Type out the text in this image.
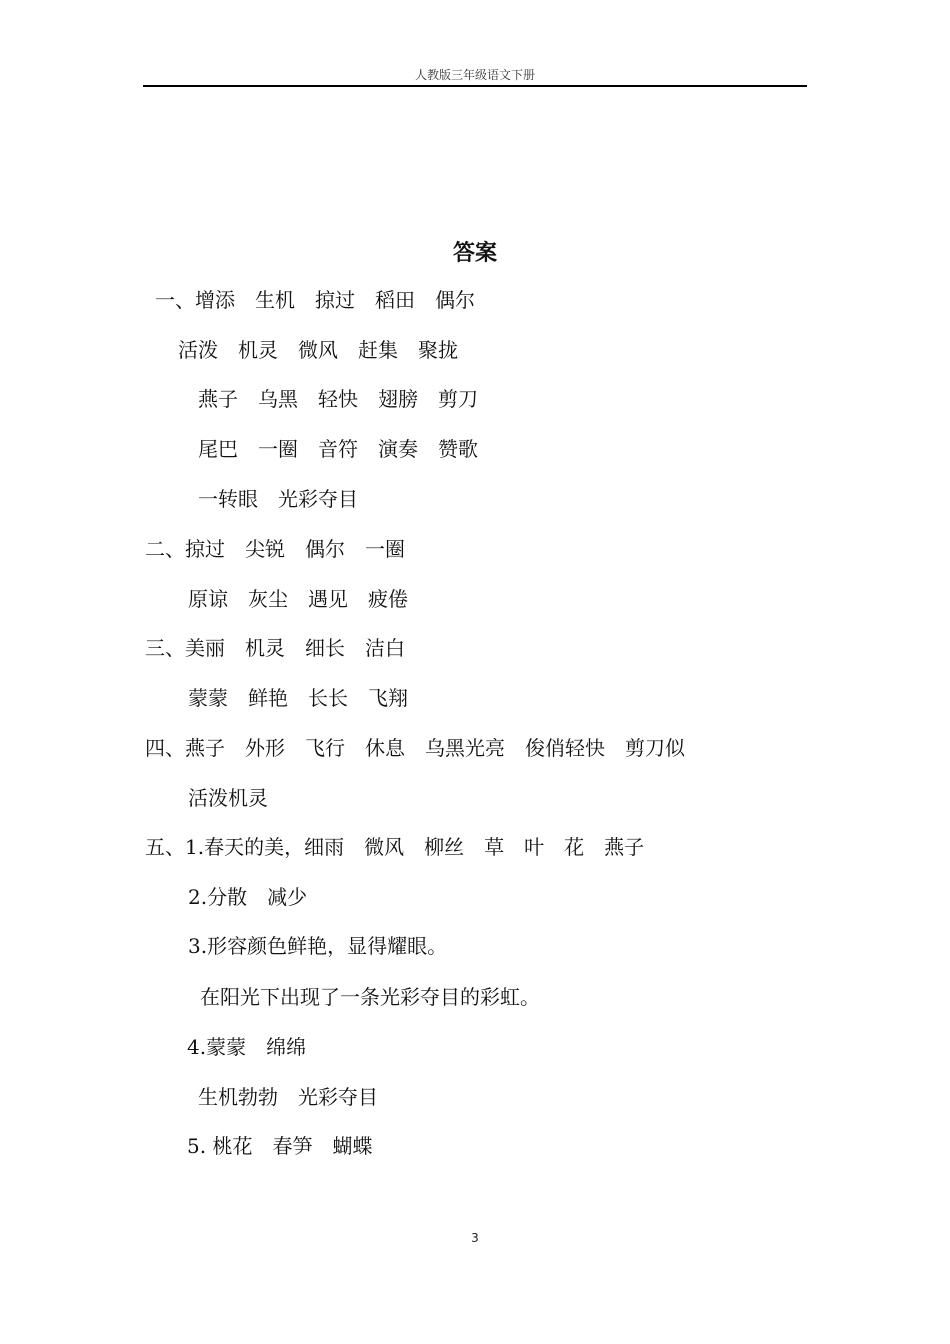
人教版三年级语文下册
答案
一、增添　生机　掠过　稻田　偶尔
活泼　机灵　微风　赶集　聚拢
燕子　乌黑　轻快　翅膀　剪刀
尾巴　一圈　音符　演奏　赞歌
一转眼　光彩夺目
二、掠过　尖锐　偶尔　一圈
原谅　灰尘　遇见　疲倦
三、美丽　机灵　细长　洁白
蒙蒙　鲜艳　长长　飞翔
四、燕子　外形　飞行　休息　乌黑光亮　俊俏轻快　剪刀似
活泼机灵
五、1.春天的美，细雨　微风　柳丝　草　叶　花　燕子
2.分散　减少
3.形容颜色鲜艳，显得耀眼。
在阳光下出现了一条光彩夺目的彩虹。
4.蒙蒙　绵绵
生机勃勃　光彩夺目
5. 桃花　春笋　蝴蝶
3
